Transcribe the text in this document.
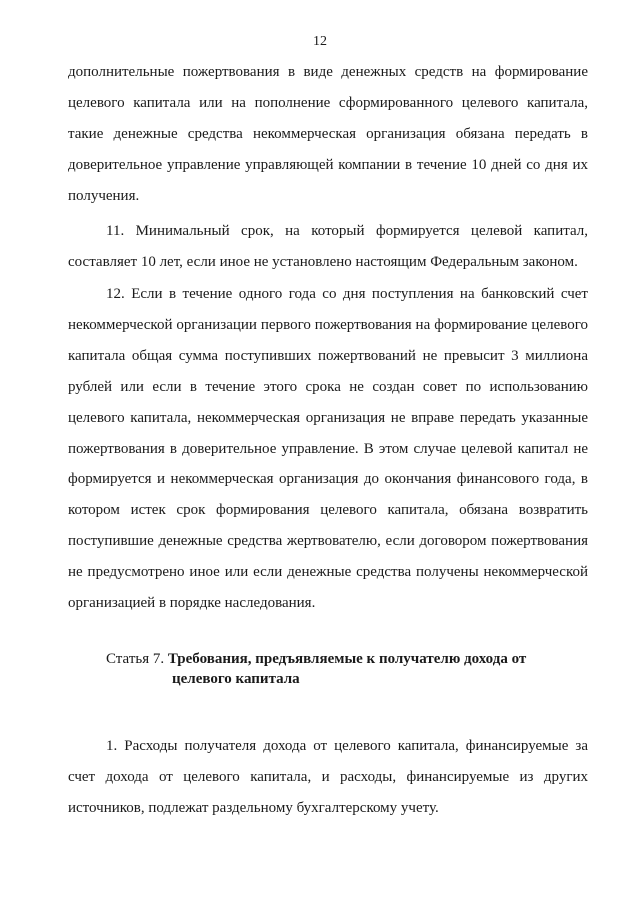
12

дополнительные пожертвования в виде денежных средств на формирование целевого капитала или на пополнение сформированного целевого капитала, такие денежные средства некоммерческая организация обязана передать в доверительное управление управляющей компании в течение 10 дней со дня их получения.

11. Минимальный срок, на который формируется целевой капитал, составляет 10 лет, если иное не установлено настоящим Федеральным законом.

12. Если в течение одного года со дня поступления на банковский счет некоммерческой организации первого пожертвования на формирование целевого капитала общая сумма поступивших пожертвований не превысит 3 миллиона рублей или если в течение этого срока не создан совет по использованию целевого капитала, некоммерческая организация не вправе передать указанные пожертвования в доверительное управление. В этом случае целевой капитал не формируется и некоммерческая организация до окончания финансового года, в котором истек срок формирования целевого капитала, обязана возвратить поступившие денежные средства жертвователю, если договором пожертвования не предусмотрено иное или если денежные средства получены некоммерческой организацией в порядке наследования.

Статья 7. Требования, предъявляемые к получателю дохода от
целевого капитала

1. Расходы получателя дохода от целевого капитала, финансируемые за счет дохода от целевого капитала, и расходы, финансируемые из других источников, подлежат раздельному бухгалтерскому учету.
